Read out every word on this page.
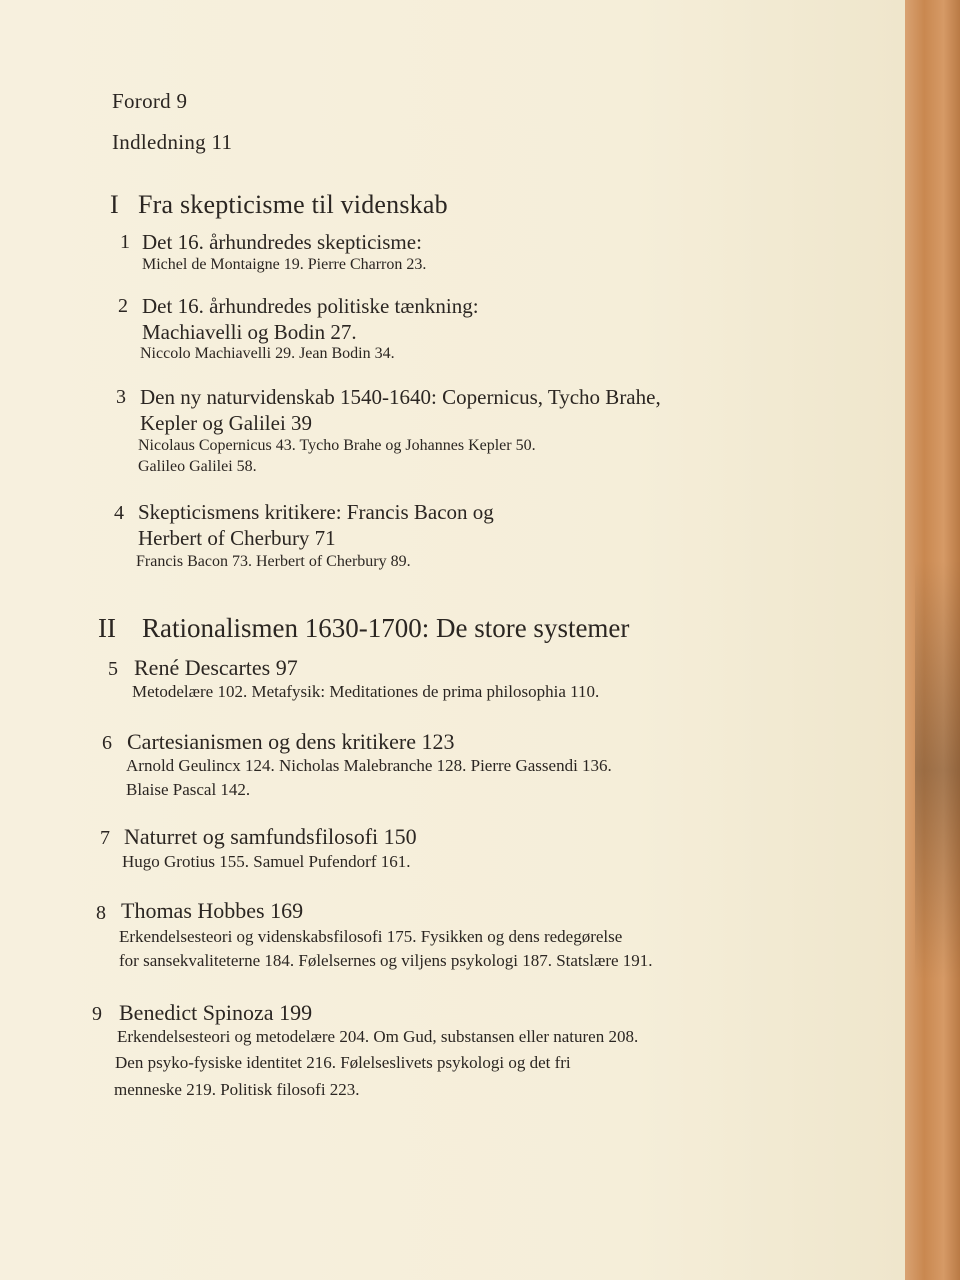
Forord 9
Indledning 11
I Fra skepticisme til videnskab
1 Det 16. århundredes skepticisme:
Michel de Montaigne 19. Pierre Charron 23.
2 Det 16. århundredes politiske tænkning:
Machiavelli og Bodin 27.
Niccolo Machiavelli 29. Jean Bodin 34.
3 Den ny naturvidenskab 1540-1640: Copernicus, Tycho Brahe,
Kepler og Galilei 39
Nicolaus Copernicus 43. Tycho Brahe og Johannes Kepler 50.
Galileo Galilei 58.
4 Skepticismens kritikere: Francis Bacon og
Herbert of Cherbury 71
Francis Bacon 73. Herbert of Cherbury 89.
II Rationalismen 1630-1700: De store systemer
5 René Descartes 97
Metodelære 102. Metafysik: Meditationes de prima philosophia 110.
6 Cartesianismen og dens kritikere 123
Arnold Geulincx 124. Nicholas Malebranche 128. Pierre Gassendi 136.
Blaise Pascal 142.
7 Naturret og samfundsfilosofi 150
Hugo Grotius 155. Samuel Pufendorf 161.
8 Thomas Hobbes 169
Erkendelsesteori og videnskabsfilosofi 175. Fysikken og dens redegørelse
for sansekvaliteterne 184. Følelsernes og viljens psykologi 187. Statslære 191.
9 Benedict Spinoza 199
Erkendelsesteori og metodelære 204. Om Gud, substansen eller naturen 208.
Den psyko-fysiske identitet 216. Følelseslivets psykologi og det fri
menneske 219. Politisk filosofi 223.
